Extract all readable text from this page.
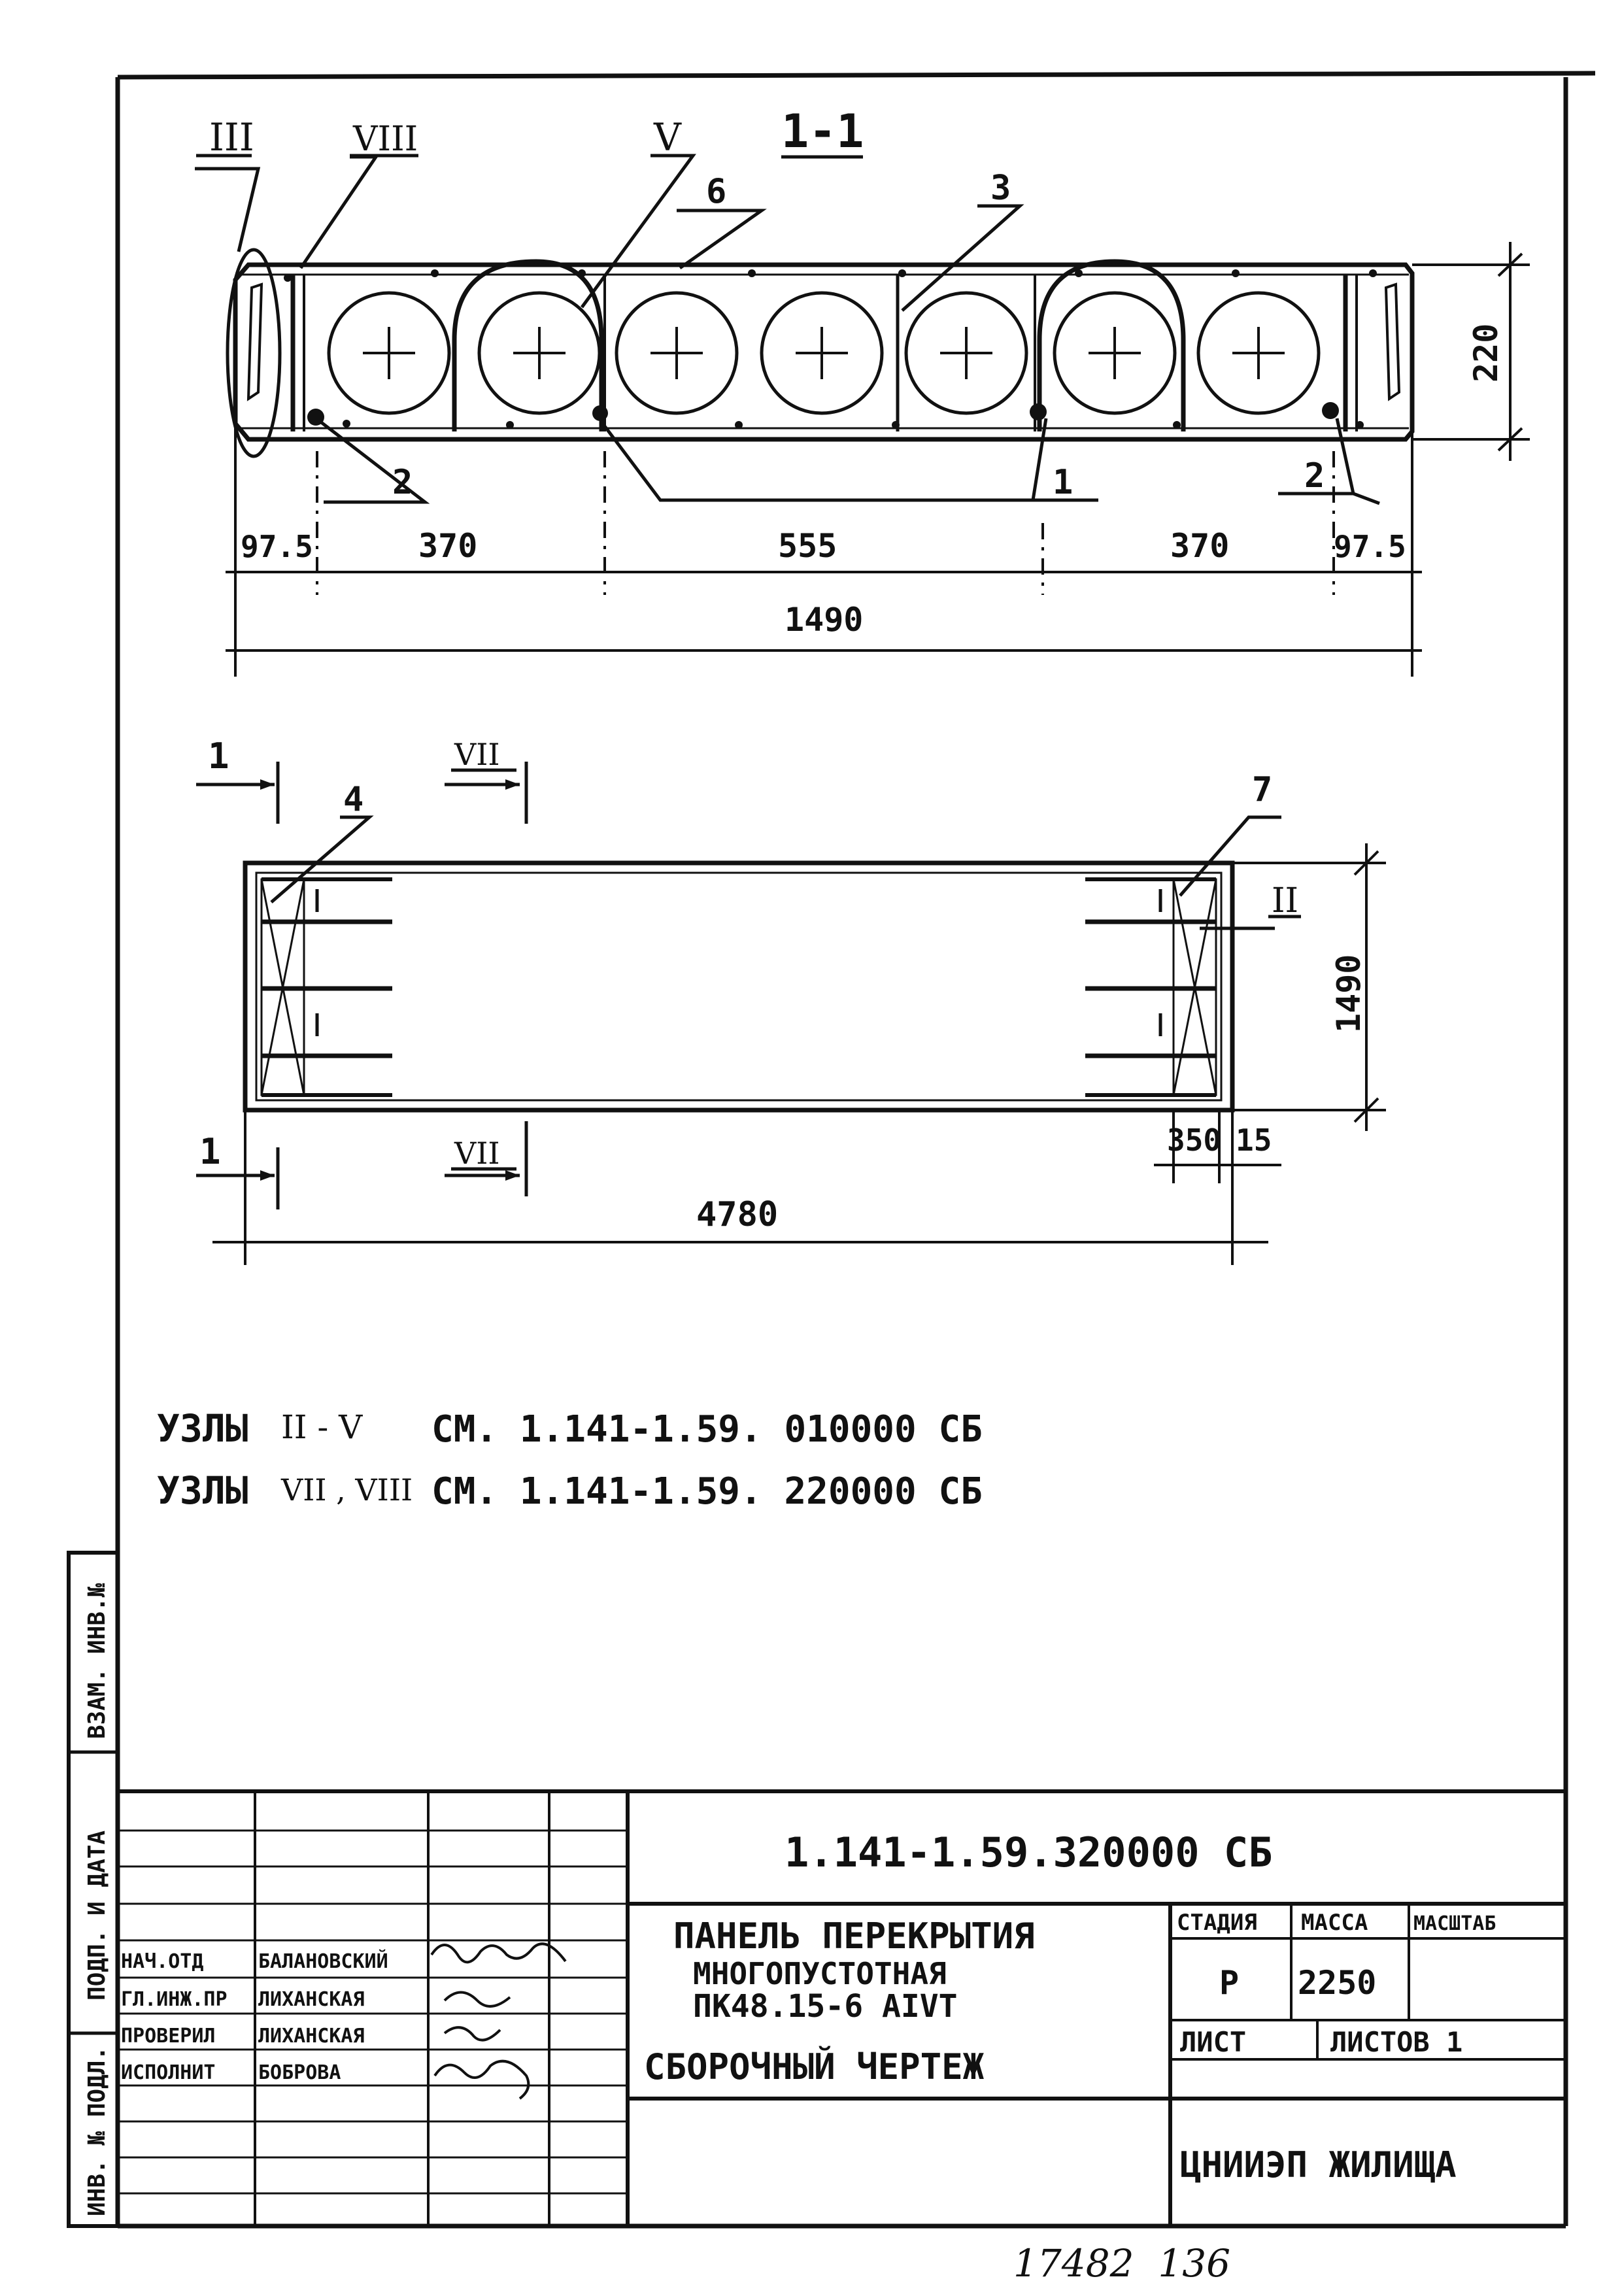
1-1
III	VIII	V
6	3
2	1	2
220
97.5	370	555	370	97.5
1490
1
1
VII
VII
4	7
II
1490
350 15
4780
УЗЛЫ II - V СМ. 1.141-1.59. 010000 СБ
УЗЛЫ VII , VIII СМ. 1.141-1.59. 220000 СБ
ВЗАМ. ИНВ.№
ПОДП. И ДАТА
ИНВ. № ПОДЛ.
1.141-1.59.320000 СБ
ПАНЕЛЬ ПЕРЕКРЫТИЯ
МНОГОПУСТОТНАЯ
ПК48.15-6 АIVТ
СБОРОЧНЫЙ ЧЕРТЕЖ
СТАДИЯ МАССА МАСШТАБ
Р 2250
ЛИСТ	ЛИСТОВ 1
ЦНИИЭП ЖИЛИЩА
НАЧ.ОТД	БАЛАНОВСКИЙ
ГЛ.ИНЖ.ПР ЛИХАНСКАЯ
ПРОВЕРИЛ ЛИХАНСКАЯ
ИСПОЛНИТ БОБРОВА
17482  136
